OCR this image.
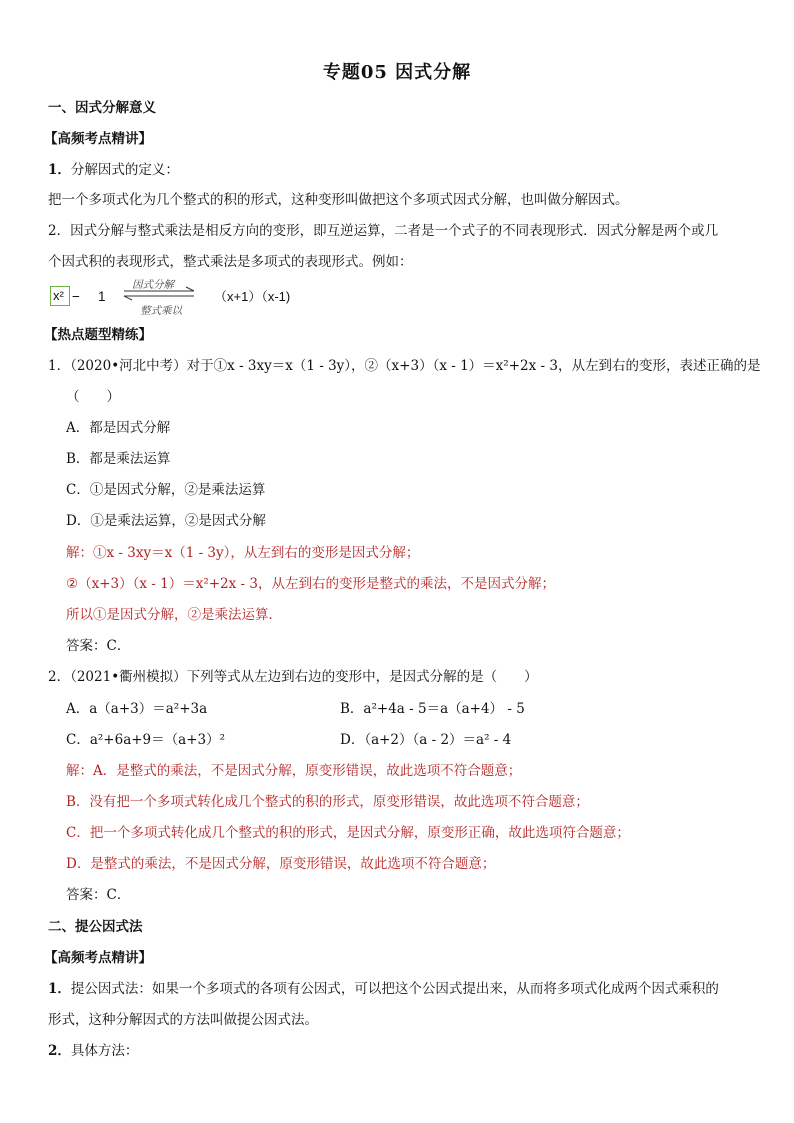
专题05 因式分解
一、因式分解意义
【高频考点精讲】
1．分解因式的定义：
把一个多项式化为几个整式的积的形式，这种变形叫做把这个多项式因式分解，也叫做分解因式。
2．因式分解与整式乘法是相反方向的变形，即互逆运算，二者是一个式子的不同表现形式．因式分解是两个或几
个因式积的表现形式，整式乘法是多项式的表现形式。例如：
x² − 1
因式分解
整式乘以
（x+1）（x-1)
【热点题型精练】
1．（2020•河北中考）对于①x - 3xy＝x（1 - 3y），②（x+3）（x - 1）＝x²+2x - 3，从左到右的变形，表述正确的是
（　　）
A．都是因式分解
B．都是乘法运算
C．①是因式分解，②是乘法运算
D．①是乘法运算，②是因式分解
解：①x - 3xy＝x（1 - 3y），从左到右的变形是因式分解；
②（x+3）（x - 1）＝x²+2x - 3，从左到右的变形是整式的乘法，不是因式分解；
所以①是因式分解，②是乘法运算．
答案：C．
2．（2021•衢州模拟）下列等式从左边到右边的变形中，是因式分解的是（　　）
A．a（a+3）＝a²+3a	B．a²+4a - 5＝a（a+4） - 5
C．a²+6a+9＝（a+3）²	D．（a+2）（a - 2）＝a² - 4
解：A．是整式的乘法，不是因式分解，原变形错误，故此选项不符合题意；
B．没有把一个多项式转化成几个整式的积的形式，原变形错误，故此选项不符合题意；
C．把一个多项式转化成几个整式的积的形式，是因式分解，原变形正确，故此选项符合题意；
D．是整式的乘法，不是因式分解，原变形错误，故此选项不符合题意；
答案：C．
二、提公因式法
【高频考点精讲】
1．提公因式法：如果一个多项式的各项有公因式，可以把这个公因式提出来，从而将多项式化成两个因式乘积的
形式，这种分解因式的方法叫做提公因式法。
2．具体方法：
